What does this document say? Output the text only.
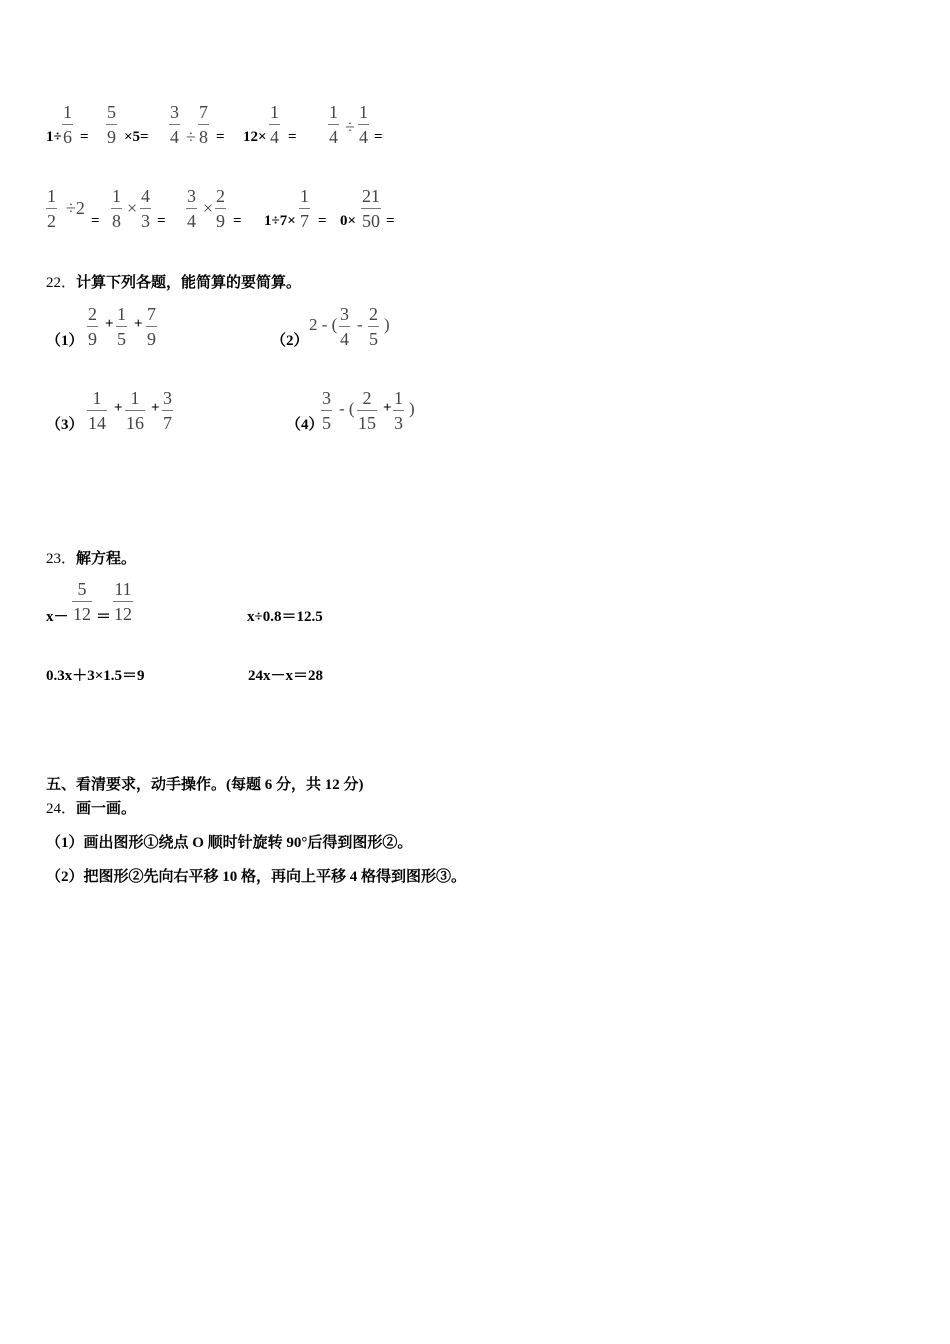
1÷
1
6 =
5
9 ×5=
3
4 ÷
7
8 = 12×
1
4 =
1
4 ÷
1
4 =
1
2
÷2
=
1
8
×
4
3 =
3
4
×
2
9 = 1÷7×
1
7 = 0×
21
50 =
22．计算下列各题，能简算的要简算。
（1）
2
9
+ 1
5
+ 7
9	（2）
2 - (
3
4
-
2
5
)
（3）
1
14
+ 1
16
+ 3
7	（4）
3
5
- (
2
15
+ 1
3
)
23．解方程。
x－
5
12 ＝
11
12	x÷0.8＝12.5
0.3x＋3×1.5＝9	24x－x＝28
五、看清要求，动手操作。(每题 6 分，共 12 分)
24．画一画。
（1）画出图形①绕点 O 顺时针旋转 90°后得到图形②。
（2）把图形②先向右平移 10 格，再向上平移 4 格得到图形③。
